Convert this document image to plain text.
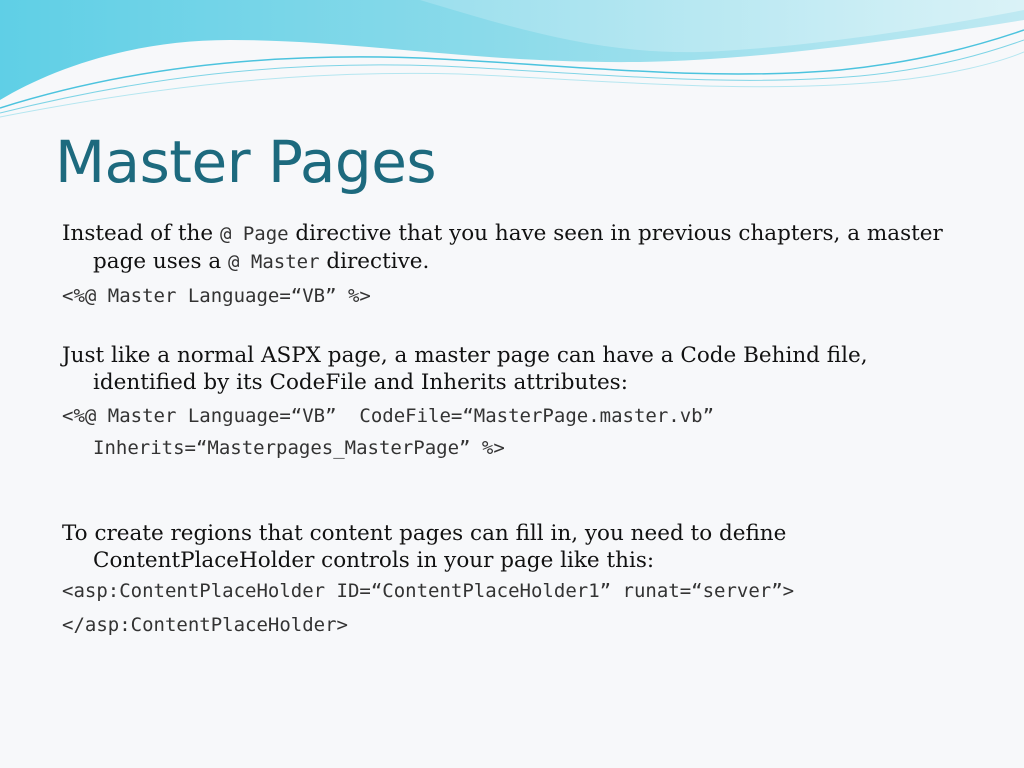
Master Pages

Instead of the @ Page directive that you have seen in previous chapters, a master page uses a @ Master directive.

<%@ Master Language=“VB” %>

Just like a normal ASPX page, a master page can have a Code Behind file, identified by its CodeFile and Inherits attributes:

<%@ Master Language=“VB”  CodeFile=“MasterPage.master.vb”

Inherits=“Masterpages_MasterPage” %>

To create regions that content pages can fill in, you need to define ContentPlaceHolder controls in your page like this:

<asp:ContentPlaceHolder ID=“ContentPlaceHolder1” runat=“server”>

</asp:ContentPlaceHolder>
